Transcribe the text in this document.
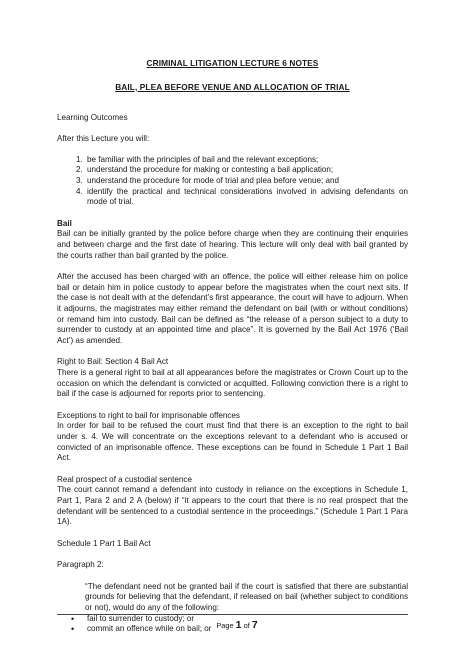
CRIMINAL LITIGATION LECTURE 6 NOTES
BAIL, PLEA BEFORE VENUE AND ALLOCATION OF TRIAL

Learning Outcomes

After this Lecture you will:

1. be familiar with the principles of bail and the relevant exceptions;
2. understand the procedure for making or contesting a bail application;
3. understand the procedure for mode of trial and plea before venue; and
4. identify the practical and technical considerations involved in advising defendants on mode of trial.

Bail

Bail can be initially granted by the police before charge when they are continuing their enquiries and between charge and the first date of hearing. This lecture will only deal with bail granted by the courts rather than bail granted by the police.

After the accused has been charged with an offence, the police will either release him on police bail or detain him in police custody to appear before the magistrates when the court next sits. If the case is not dealt with at the defendant’s first appearance, the court will have to adjourn. When it adjourns, the magistrates may either remand the defendant on bail (with or without conditions) or remand him into custody. Bail can be defined as “the release of a person subject to a duty to surrender to custody at an appointed time and place”. It is governed by the Bail Act 1976 (‘Bail Act’) as amended.

Right to Bail: Section 4 Bail Act

There is a general right to bail at all appearances before the magistrates or Crown Court up to the occasion on which the defendant is convicted or acquitted. Following conviction there is a right to bail if the case is adjourned for reports prior to sentencing.

Exceptions to right to bail for imprisonable offences

In order for bail to be refused the court must find that there is an exception to the right to bail under s. 4. We will concentrate on the exceptions relevant to a defendant who is accused or convicted of an imprisonable offence. These exceptions can be found in Schedule 1 Part 1 Bail Act.

Real prospect of a custodial sentence

The court cannot remand a defendant into custody in reliance on the exceptions in Schedule 1, Part 1, Para 2 and 2 A (below) if “it appears to the court that there is no real prospect that the defendant will be sentenced to a custodial sentence in the proceedings.” (Schedule 1 Part 1 Para 1A).

Schedule 1 Part 1 Bail Act

Paragraph 2:

“The defendant need not be granted bail if the court is satisfied that there are substantial grounds for believing that the defendant, if released on bail (whether subject to conditions or not), would do any of the following:

• fail to surrender to custody; or
• commit an offence while on bail; or Page 1 of 7
